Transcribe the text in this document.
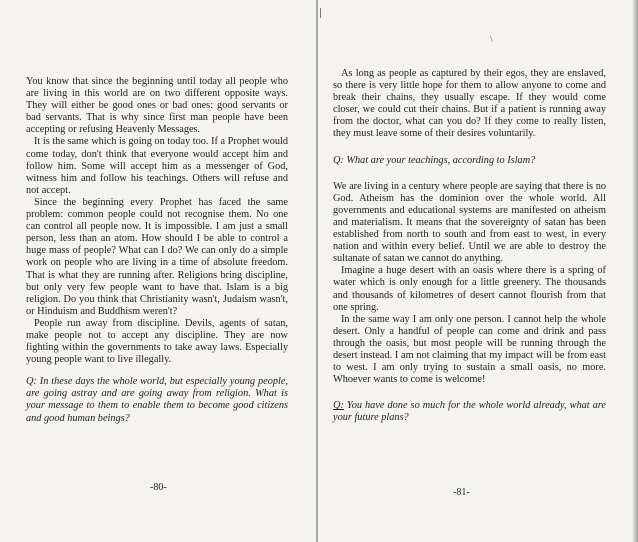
\

You know that since the beginning until today all people who are living in this world are on two different opposite ways. They will either be good ones or bad ones: good servants or bad servants. That is why since first man people have been accepting or refusing Heavenly Messages.

It is the same which is going on today too. If a Prophet would come today, don't think that everyone would accept him and follow him. Some will accept him as a messenger of God, witness him and follow his teachings. Others will refuse and not accept.

Since the beginning every Prophet has faced the same problem: common people could not recognise them. No one can control all people now. It is impossible. I am just a small person, less than an atom. How should I be able to control a huge mass of people? What can I do? We can only do a simple work on people who are living in a time of absolute freedom. That is what they are running after. Religions bring discipline, but only very few people want to have that. Islam is a big religion. Do you think that Christianity wasn't, Judaism wasn't, or Hinduism and Buddhism weren't?

People run away from discipline. Devils, agents of satan, make people not to accept any discipline. They are now fighting within the governments to take away laws. Especially young people want to live illegally.

Q: In these days the whole world, but especially young people, are going astray and are going away from religion. What is your message to them to enable them to become good citizens and good human beings?

-80-

As long as people as captured by their egos, they are enslaved, so there is very little hope for them to allow anyone to come and break their chains, they usually escape. If they would come closer, we could cut their chains. But if a patient is running away from the doctor, what can you do? If they come to really listen, they must leave some of their desires voluntarily.

Q: What are your teachings, according to Islam?

We are living in a century where people are saying that there is no God. Atheism has the dominion over the whole world. All governments and educational systems are manifested on atheism and materialism. It means that the sovereignty of satan has been established from north to south and from east to west, in every nation and within every belief. Until we are able to destroy the sultanate of satan we cannot do anything.

Imagine a huge desert with an oasis where there is a spring of water which is only enough for a little greenery. The thousands and thousands of kilometres of desert cannot flourish from that one spring.

In the same way I am only one person. I cannot help the whole desert. Only a handful of people can come and drink and pass through the oasis, but most people will be running through the desert instead. I am not claiming that my impact will be from east to west. I am only trying to sustain a small oasis, no more. Whoever wants to come is welcome!

Q: You have done so much for the whole world already, what are your future plans?

-81-
